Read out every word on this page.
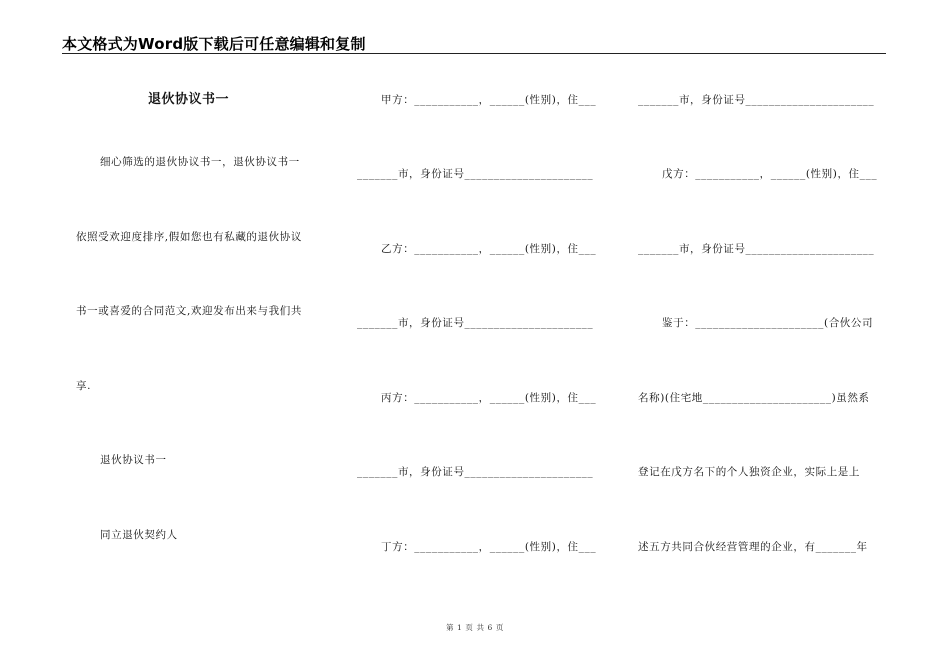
本文格式为Word版下载后可任意编辑和复制
退伙协议书一
细心筛选的退伙协议书一，退伙协议书一
依照受欢迎度排序,假如您也有私藏的退伙协议
书一或喜爱的合同范文,欢迎发布出来与我们共
享.
退伙协议书一
同立退伙契约人
甲方：___________，______(性别)，住___
_______市，身份证号______________________
乙方：___________，______(性别)，住___
_______市，身份证号______________________
丙方：___________，______(性别)，住___
_______市，身份证号______________________
丁方：___________，______(性别)，住___
_______市，身份证号______________________
戊方：___________，______(性别)，住___
_______市，身份证号______________________
鉴于：______________________(合伙公司
名称)(住宅地______________________)虽然系
登记在戊方名下的个人独资企业，实际上是上
述五方共同合伙经营管理的企业，有_______年
第 1 页 共 6 页
